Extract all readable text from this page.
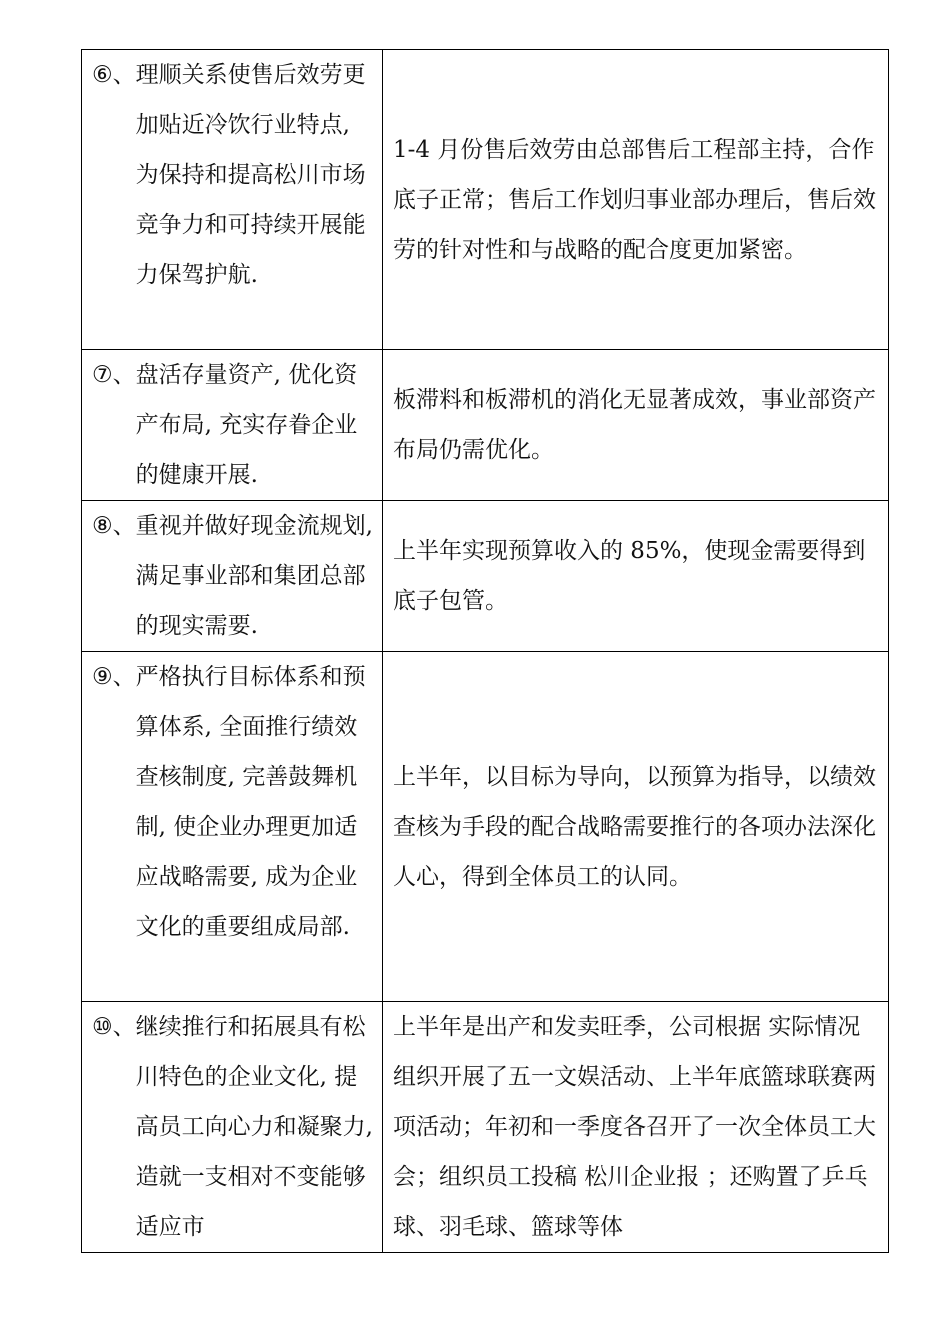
⑥、 理顺关系使售后效劳更加贴近冷饮行业特点, 为保持和提高松川市场竞争力和可持续开展能力保驾护航.	1-4 月份售后效劳由总部售后工程部主持，合作底子正常；售后工作划归事业部办理后，售后效劳的针对性和与战略的配合度更加紧密。

⑦、 盘活存量资产, 优化资产布局, 充实存眷企业的健康开展.	板滞料和板滞机的消化无显著成效，事业部资产布局仍需优化。

⑧、 重视并做好现金流规划, 满足事业部和集团总部的现实需要.	上半年实现预算收入的 85%，使现金需要得到底子包管。

⑨、 严格执行目标体系和预算体系, 全面推行绩效查核制度, 完善鼓舞机制, 使企业办理更加适应战略需要, 成为企业文化的重要组成局部.	上半年，以目标为导向，以预算为指导，以绩效查核为手段的配合战略需要推行的各项办法深化人心，得到全体员工的认同。

⑩、 继续推行和拓展具有松川特色的企业文化, 提高员工向心力和凝聚力, 造就一支相对不变能够适应市	上半年是出产和发卖旺季，公司根据 实际情况组织开展了五一文娱活动、上半年底篮球联赛两项活动；年初和一季度各召开了一次全体员工大会；组织员工投稿 松川企业报 ；还购置了乒乓球、羽毛球、篮球等体
